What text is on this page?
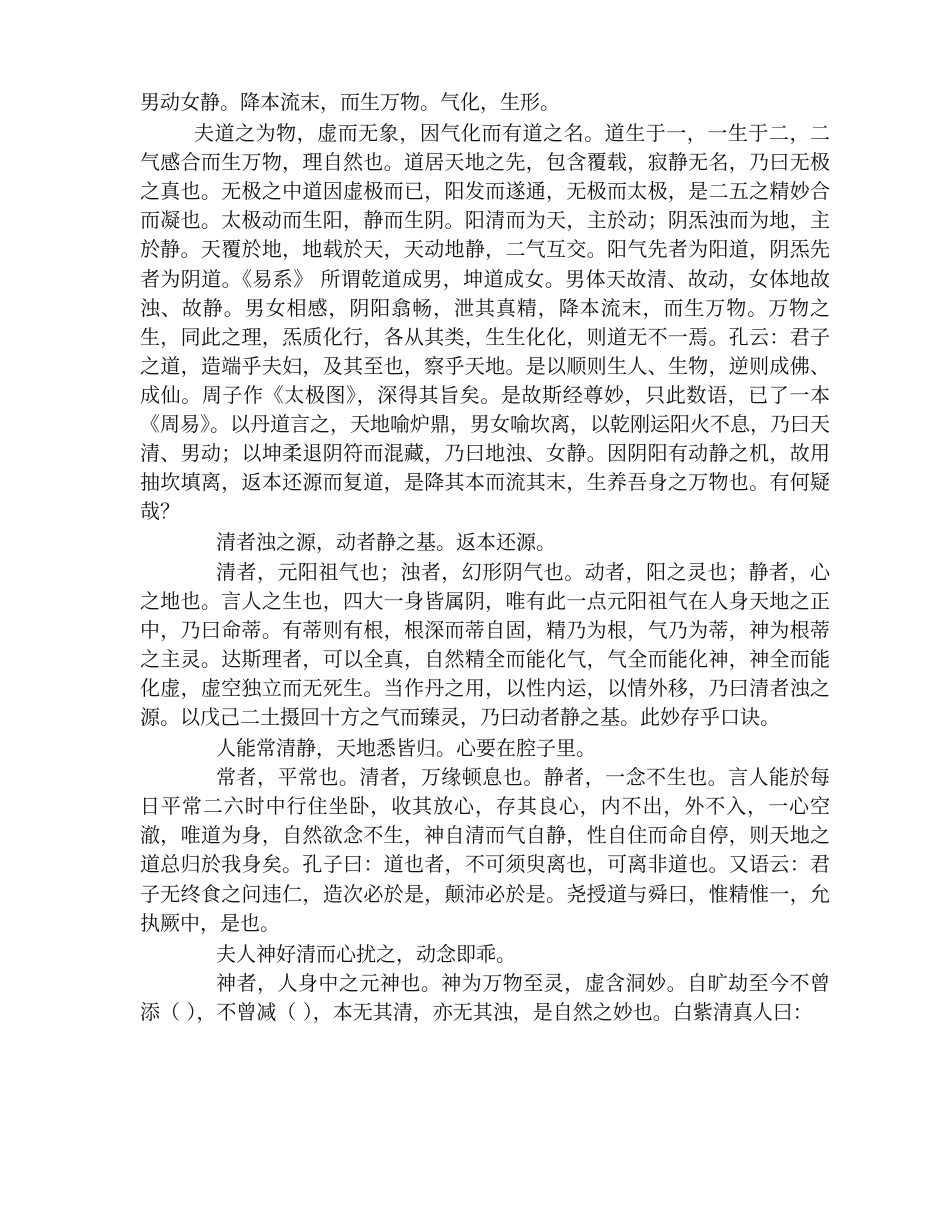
男动女静。降本流末，而生万物。气化，生形。

夫道之为物，虚而无象，因气化而有道之名。道生于一，一生于二，二气感合而生万物，理自然也。道居天地之先，包含覆载，寂静无名，乃曰无极之真也。无极之中道因虚极而已，阳发而遂通，无极而太极，是二五之精妙合而凝也。太极动而生阳，静而生阴。阳清而为天，主於动；阴炁浊而为地，主於静。天覆於地，地载於天，天动地静，二气互交。阳气先者为阳道，阴炁先者为阴道。《易系》 所谓乾道成男，坤道成女。男体天故清、故动，女体地故浊、故静。男女相感，阴阳翕畅，泄其真精，降本流末，而生万物。万物之生，同此之理，炁质化行，各从其类，生生化化，则道无不一焉。孔云：君子之道，造端乎夫妇，及其至也，察乎天地。是以顺则生人、生物，逆则成佛、成仙。周子作《太极图》，深得其旨矣。是故斯经尊妙，只此数语，已了一本《周易》。以丹道言之，天地喻炉鼎，男女喻坎离，以乾刚运阳火不息，乃曰天清、男动；以坤柔退阴符而混藏，乃曰地浊、女静。因阴阳有动静之机，故用抽坎填离，返本还源而复道，是降其本而流其末，生养吾身之万物也。有何疑哉？

清者浊之源，动者静之基。返本还源。

清者，元阳祖气也；浊者，幻形阴气也。动者，阳之灵也；静者，心之地也。言人之生也，四大一身皆属阴，唯有此一点元阳祖气在人身天地之正中，乃曰命蒂。有蒂则有根，根深而蒂自固，精乃为根，气乃为蒂，神为根蒂之主灵。达斯理者，可以全真，自然精全而能化气，气全而能化神，神全而能化虚，虚空独立而无死生。当作丹之用，以性内运，以情外移，乃曰清者浊之源。以戊己二土摄回十方之气而臻灵，乃曰动者静之基。此妙存乎口诀。

人能常清静，天地悉皆归。心要在腔子里。

常者，平常也。清者，万缘顿息也。静者，一念不生也。言人能於每日平常二六时中行住坐卧，收其放心，存其良心，内不出，外不入，一心空澈，唯道为身，自然欲念不生，神自清而气自静，性自住而命自停，则天地之道总归於我身矣。孔子曰：道也者，不可须臾离也，可离非道也。又语云：君子无终食之问违仁，造次必於是，颠沛必於是。尧授道与舜曰，惟精惟一，允执厥中，是也。

夫人神好清而心扰之，动念即乖。

神者，人身中之元神也。神为万物至灵，虚含洞妙。自旷劫至今不曾添（ ），不曾减（ ），本无其清，亦无其浊，是自然之妙也。白紫清真人曰：
